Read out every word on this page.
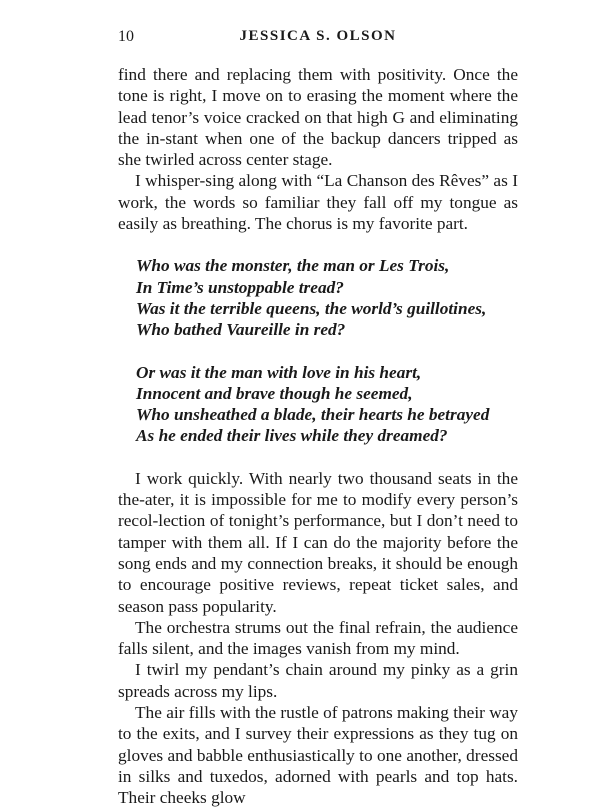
10	JESSICA S. OLSON

find there and replacing them with positivity. Once the tone is right, I move on to erasing the moment where the lead tenor’s voice cracked on that high G and eliminating the in-stant when one of the backup dancers tripped as she twirled across center stage.

I whisper-sing along with “La Chanson des Rêves” as I work, the words so familiar they fall off my tongue as easily as breathing. The chorus is my favorite part.

Who was the monster, the man or Les Trois,
In Time’s unstoppable tread?
Was it the terrible queens, the world’s guillotines,
Who bathed Vaureille in red?
Or was it the man with love in his heart,
Innocent and brave though he seemed,
Who unsheathed a blade, their hearts he betrayed
As he ended their lives while they dreamed?

I work quickly. With nearly two thousand seats in the the-ater, it is impossible for me to modify every person’s recol-lection of tonight’s performance, but I don’t need to tamper with them all. If I can do the majority before the song ends and my connection breaks, it should be enough to encourage positive reviews, repeat ticket sales, and season pass popularity.

The orchestra strums out the final refrain, the audience falls silent, and the images vanish from my mind.

I twirl my pendant’s chain around my pinky as a grin spreads across my lips.

The air fills with the rustle of patrons making their way to the exits, and I survey their expressions as they tug on gloves and babble enthusiastically to one another, dressed in silks and tuxedos, adorned with pearls and top hats. Their cheeks glow
